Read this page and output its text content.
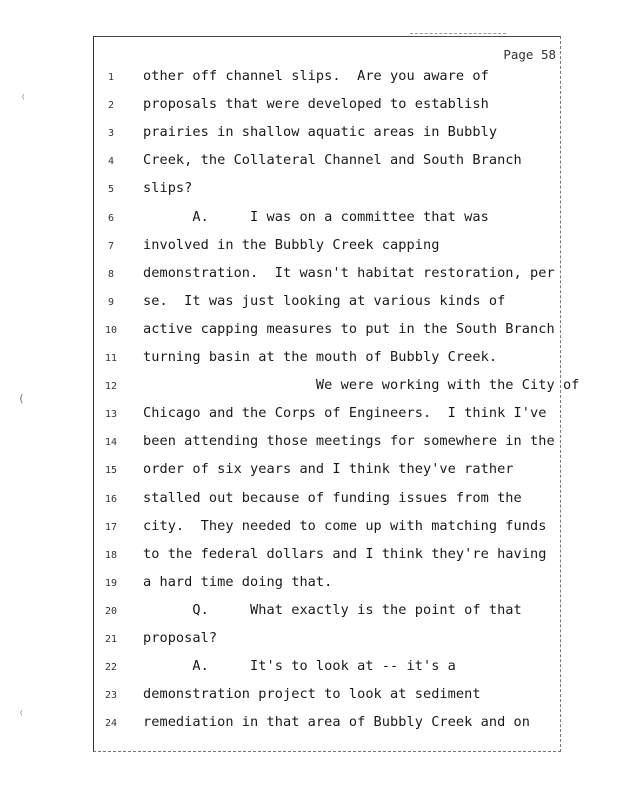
Page 58
⁽
(
⁽
1	other off channel slips.  Are you aware of
2	proposals that were developed to establish
3	prairies in shallow aquatic areas in Bubbly
4	Creek, the Collateral Channel and South Branch
5	slips?
6	A.     I was on a committee that was
7	involved in the Bubbly Creek capping
8	demonstration.  It wasn't habitat restoration, per
9	se.  It was just looking at various kinds of
10	active capping measures to put in the South Branch
11	turning basin at the mouth of Bubbly Creek.
12	We were working with the City of
13	Chicago and the Corps of Engineers.  I think I've
14	been attending those meetings for somewhere in the
15	order of six years and I think they've rather
16	stalled out because of funding issues from the
17	city.  They needed to come up with matching funds
18	to the federal dollars and I think they're having
19	a hard time doing that.
20	Q.     What exactly is the point of that
21	proposal?
22	A.     It's to look at -- it's a
23	demonstration project to look at sediment
24	remediation in that area of Bubbly Creek and on
